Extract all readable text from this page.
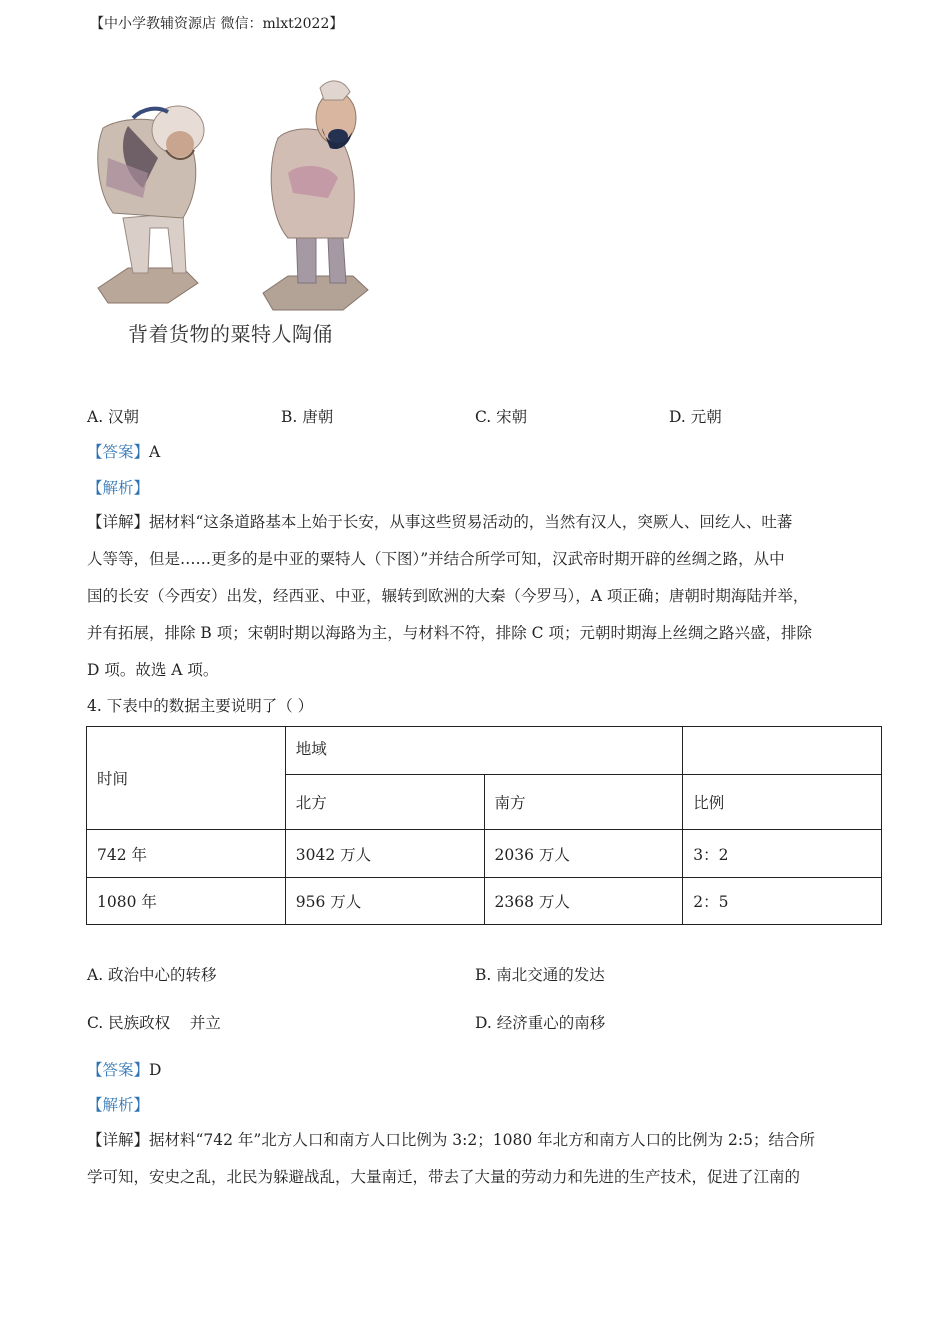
【中小学教辅资源店 微信：mlxt2022】
背着货物的粟特人陶俑
A. 汉朝	B. 唐朝	C. 宋朝	D. 元朝
【答案】A
【解析】
【详解】据材料“这条道路基本上始于长安，从事这些贸易活动的，当然有汉人，突厥人、回纥人、吐蕃
人等等，但是……更多的是中亚的粟特人（下图）”并结合所学可知，汉武帝时期开辟的丝绸之路，从中
国的长安（今西安）出发，经西亚、中亚，辗转到欧洲的大秦（今罗马），A 项正确；唐朝时期海陆并举，
并有拓展，排除 B 项；宋朝时期以海路为主，与材料不符，排除 C 项；元朝时期海上丝绸之路兴盛，排除
D 项。故选 A 项。
4. 下表中的数据主要说明了（ ）
时间	地域		
	北方	南方	比例
742 年	3042 万人	2036 万人	3：2
1080 年	956 万人	2368 万人	2：5
A. 政治中心的转移	B. 南北交通的发达
C. 民族政权    并立	D. 经济重心的南移
【答案】D
【解析】
【详解】据材料“742 年”北方人口和南方人口比例为 3:2；1080 年北方和南方人口的比例为 2:5；结合所
学可知，安史之乱，北民为躲避战乱，大量南迁，带去了大量的劳动力和先进的生产技术，促进了江南的
